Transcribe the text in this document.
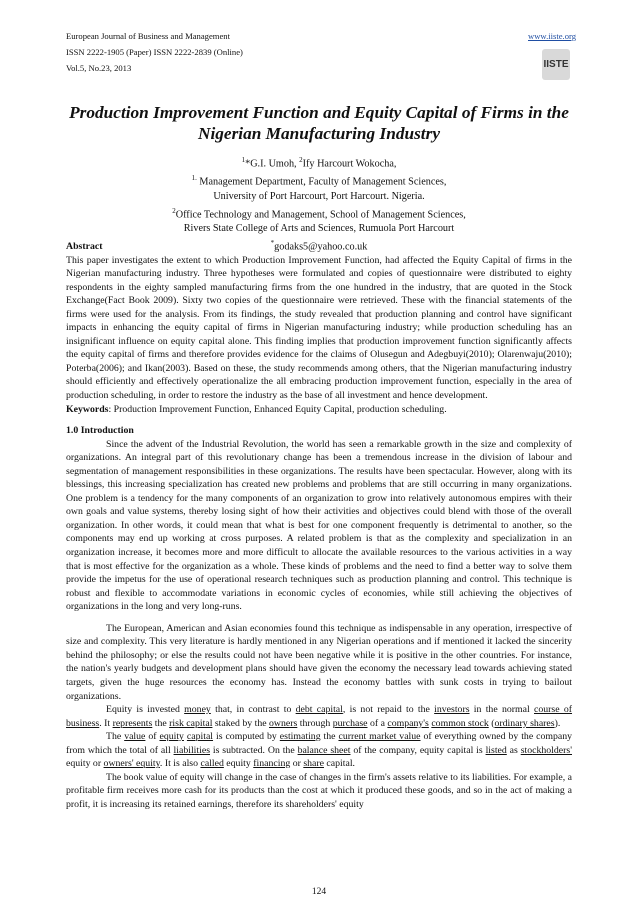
European Journal of Business and Management
ISSN 2222-1905 (Paper) ISSN 2222-2839 (Online)
Vol.5, No.23, 2013
www.iiste.org
IISTE
Production Improvement Function and Equity Capital of Firms in the Nigerian Manufacturing Industry
$^1$*G.I. Umoh, $^2$Ify Harcourt Wokocha,
$^{1.}$ Management Department, Faculty of Management Sciences,
University of Port Harcourt, Port Harcourt. Nigeria.
$^2$Office Technology and Management, School of Management Sciences,
Rivers State College of Arts and Sciences, Rumuola Port Harcourt
*godaks5@yahoo.co.uk

Abstract

This paper investigates the extent to which Production Improvement Function, had affected the Equity Capital of firms in the Nigerian manufacturing industry. Three hypotheses were formulated and copies of questionnaire were distributed to eighty respondents in the eighty sampled manufacturing firms from the one hundred in the industry, that are quoted in the Stock Exchange(Fact Book 2009). Sixty two copies of the questionnaire were retrieved. These with the financial statements of the firms were used for the analysis. From its findings, the study revealed that production planning and control have significant impacts in enhancing the equity capital of firms in Nigerian manufacturing industry; while production scheduling has an insignificant influence on equity capital alone. This finding implies that production improvement function significantly affects the equity capital of firms and therefore provides evidence for the claims of Olusegun and Adegbuyi(2010); Olarenwaju(2010); Poterba(2006); and Ikan(2003). Based on these, the study recommends among others, that the Nigerian manufacturing industry should efficiently and effectively operationalize the all embracing production improvement function, especially in the area of production scheduling, in order to restore the industry as the base of all investment and hence development.

Keywords: Production Improvement Function, Enhanced Equity Capital, production scheduling.

1.0 Introduction

Since the advent of the Industrial Revolution, the world has seen a remarkable growth in the size and complexity of organizations. An integral part of this revolutionary change has been a tremendous increase in the division of labour and segmentation of management responsibilities in these organizations. The results have been spectacular. However, along with its blessings, this increasing specialization has created new problems and problems that are still occurring in many organizations. One problem is a tendency for the many components of an organization to grow into relatively autonomous empires with their own goals and value systems, thereby losing sight of how their activities and objectives could blend with those of the overall organization. In other words, it could mean that what is best for one component frequently is detrimental to another, so the components may end up working at cross purposes. A related problem is that as the complexity and specialization in an organization increase, it becomes more and more difficult to allocate the available resources to the various activities in a way that is most effective for the organization as a whole. These kinds of problems and the need to find a better way to solve them provide the impetus for the use of operational research techniques such as production planning and control. This technique is robust and flexible to accommodate variations in economic cycles of economies, while still achieving the objectives of organizations in the long and very long-runs.

The European, American and Asian economies found this technique as indispensable in any operation, irrespective of size and complexity. This very literature is hardly mentioned in any Nigerian operations and if mentioned it lacked the sincerity behind the philosophy; or else the results could not have been negative while it is positive in the other countries. For instance, the nation's yearly budgets and development plans should have given the economy the necessary lead towards achieving stated targets, given the huge resources the economy has. Instead the economy battles with sunk costs in trying to bailout organizations.

Equity is invested money that, in contrast to debt capital, is not repaid to the investors in the normal course of business. It represents the risk capital staked by the owners through purchase of a company's common stock (ordinary shares).

The value of equity capital is computed by estimating the current market value of everything owned by the company from which the total of all liabilities is subtracted. On the balance sheet of the company, equity capital is listed as stockholders' equity or owners' equity. It is also called equity financing or share capital.

The book value of equity will change in the case of changes in the firm's assets relative to its liabilities. For example, a profitable firm receives more cash for its products than the cost at which it produced these goods, and so in the act of making a profit, it is increasing its retained earnings, therefore its shareholders' equity

124
